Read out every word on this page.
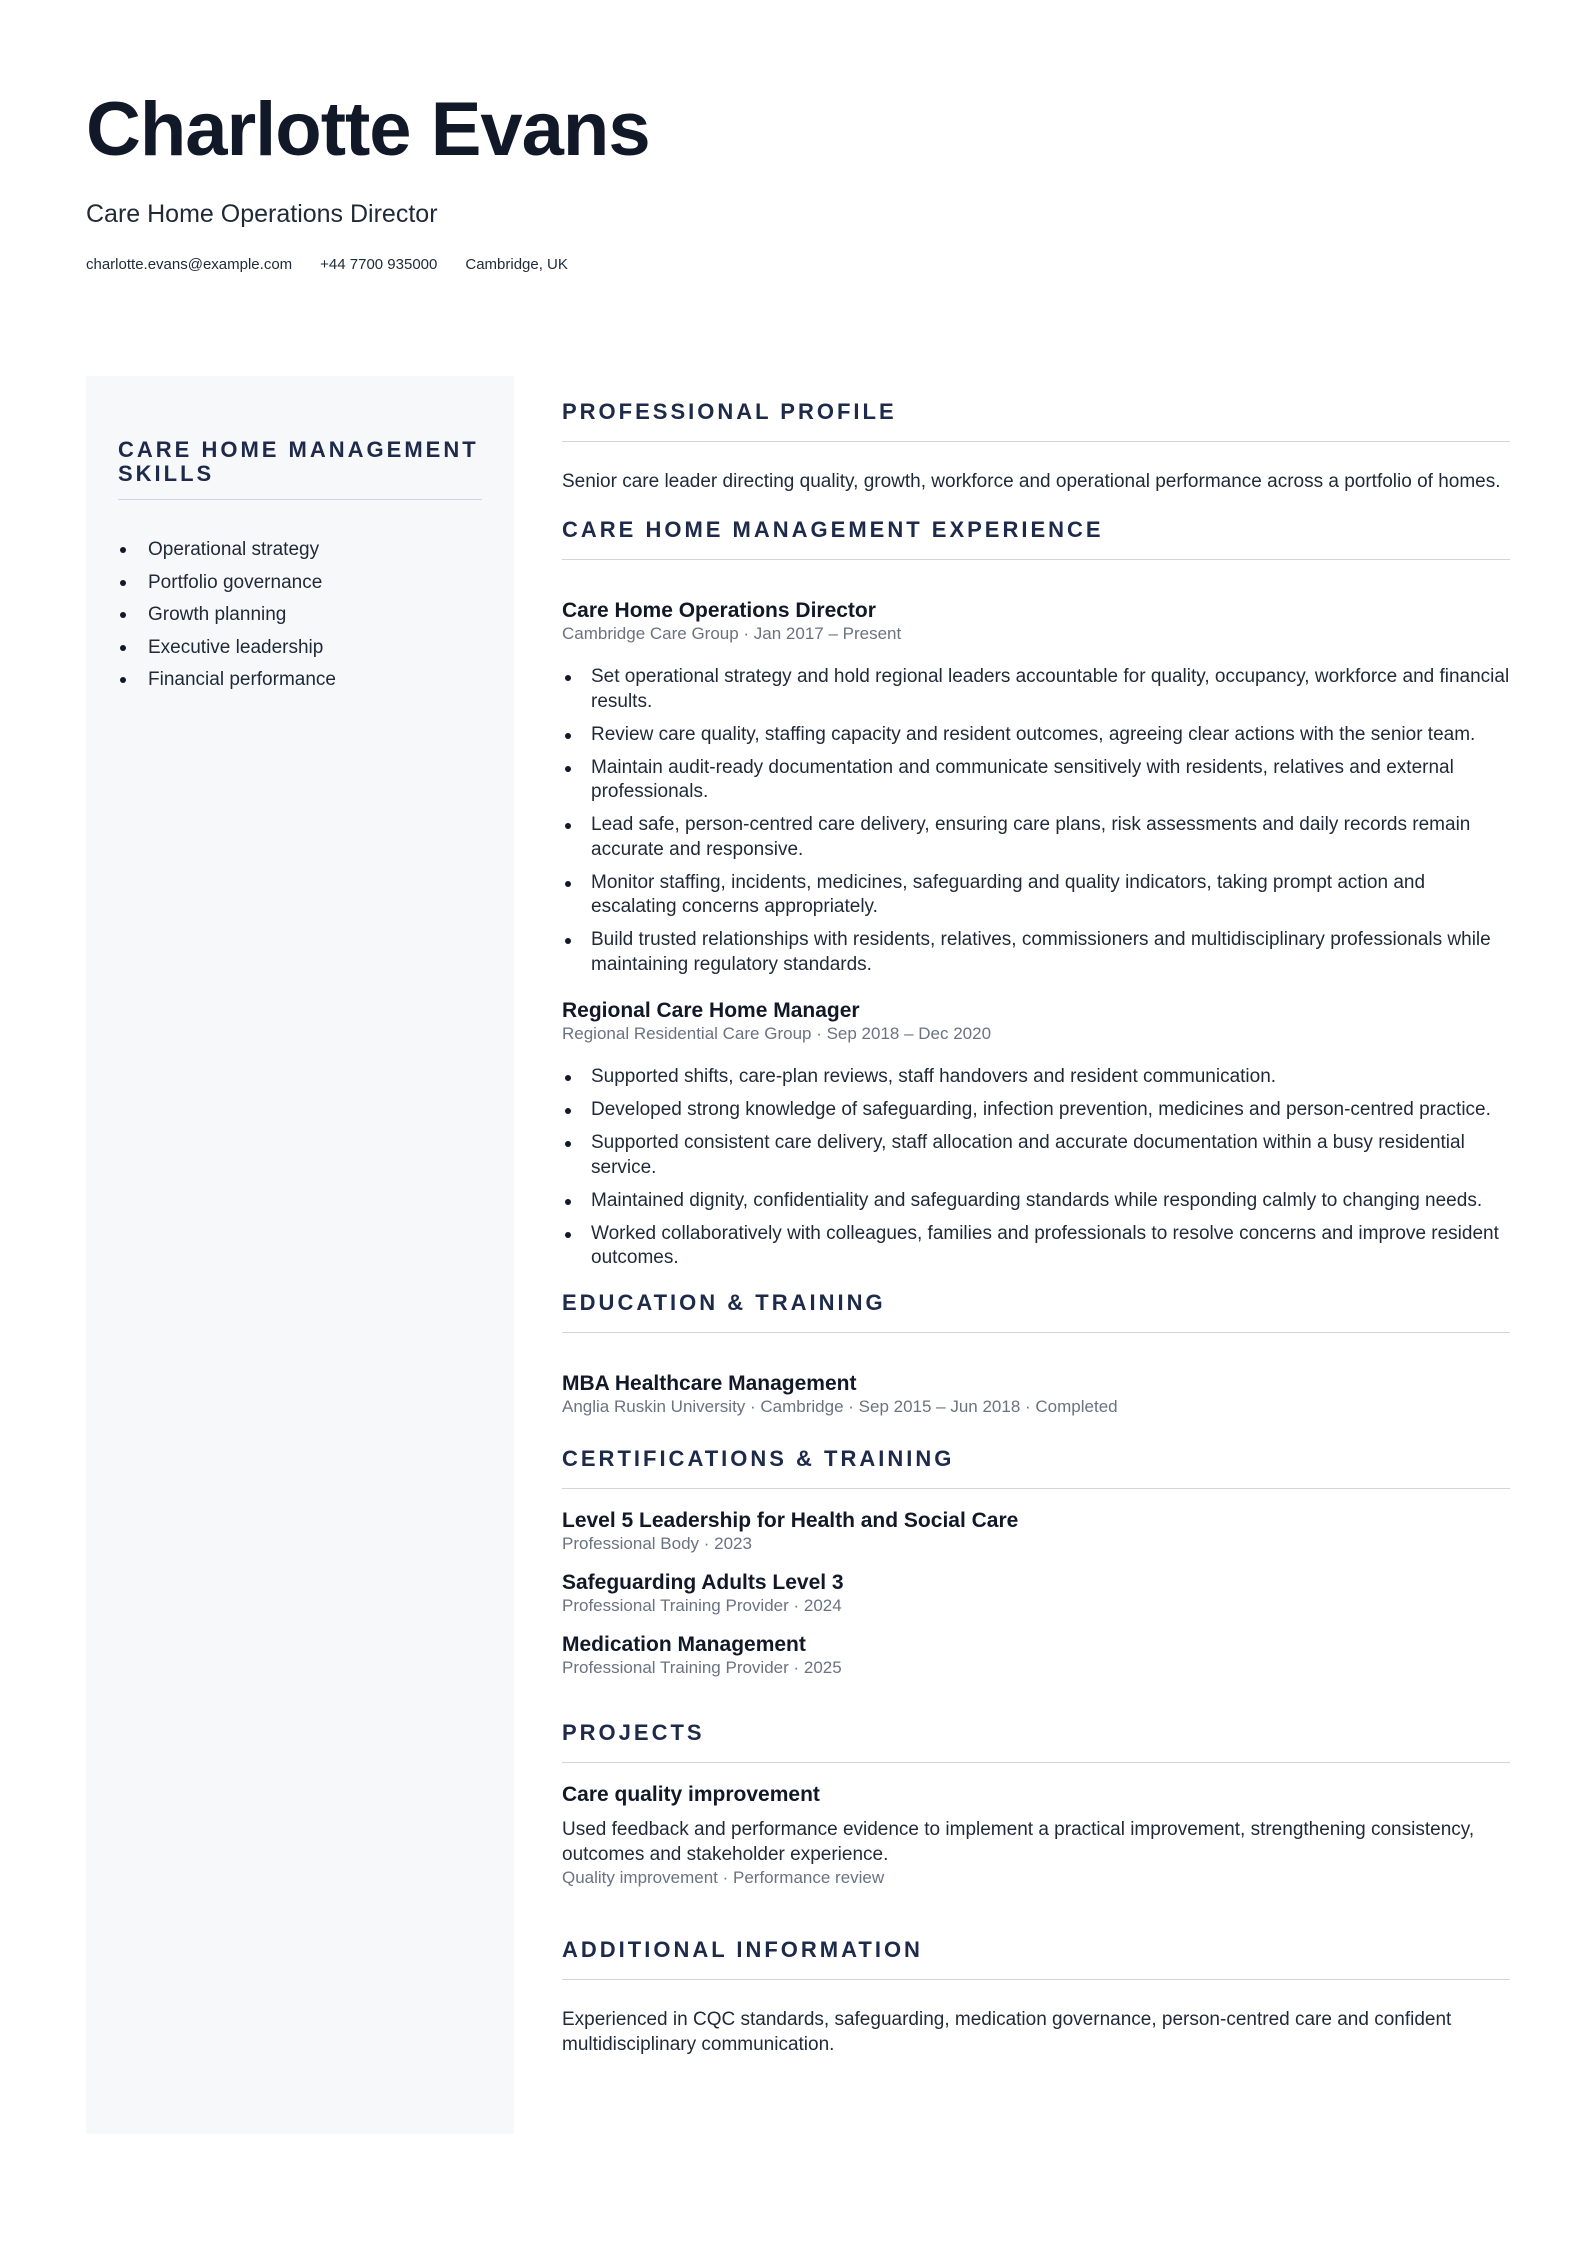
Charlotte Evans
Care Home Operations Director
charlotte.evans@example.com +44 7700 935000 Cambridge, UK
CARE HOME MANAGEMENT SKILLS
Operational strategy
Portfolio governance
Growth planning
Executive leadership
Financial performance
PROFESSIONAL PROFILE

Senior care leader directing quality, growth, workforce and operational performance across a portfolio of homes.

CARE HOME MANAGEMENT EXPERIENCE
Care Home Operations Director
Cambridge Care Group · Jan 2017 – Present
Set operational strategy and hold regional leaders accountable for quality, occupancy, workforce and financial results.
Review care quality, staffing capacity and resident outcomes, agreeing clear actions with the senior team.
Maintain audit-ready documentation and communicate sensitively with residents, relatives and external professionals.
Lead safe, person-centred care delivery, ensuring care plans, risk assessments and daily records remain accurate and responsive.
Monitor staffing, incidents, medicines, safeguarding and quality indicators, taking prompt action and escalating concerns appropriately.
Build trusted relationships with residents, relatives, commissioners and multidisciplinary professionals while maintaining regulatory standards.
Regional Care Home Manager
Regional Residential Care Group · Sep 2018 – Dec 2020
Supported shifts, care-plan reviews, staff handovers and resident communication.
Developed strong knowledge of safeguarding, infection prevention, medicines and person-centred practice.
Supported consistent care delivery, staff allocation and accurate documentation within a busy residential service.
Maintained dignity, confidentiality and safeguarding standards while responding calmly to changing needs.
Worked collaboratively with colleagues, families and professionals to resolve concerns and improve resident outcomes.
EDUCATION & TRAINING
MBA Healthcare Management
Anglia Ruskin University · Cambridge · Sep 2015 – Jun 2018 · Completed
CERTIFICATIONS & TRAINING
Level 5 Leadership for Health and Social Care
Professional Body · 2023
Safeguarding Adults Level 3
Professional Training Provider · 2024
Medication Management
Professional Training Provider · 2025
PROJECTS
Care quality improvement

Used feedback and performance evidence to implement a practical improvement, strengthening consistency, outcomes and stakeholder experience.

Quality improvement · Performance review
ADDITIONAL INFORMATION

Experienced in CQC standards, safeguarding, medication governance, person-centred care and confident multidisciplinary communication.
